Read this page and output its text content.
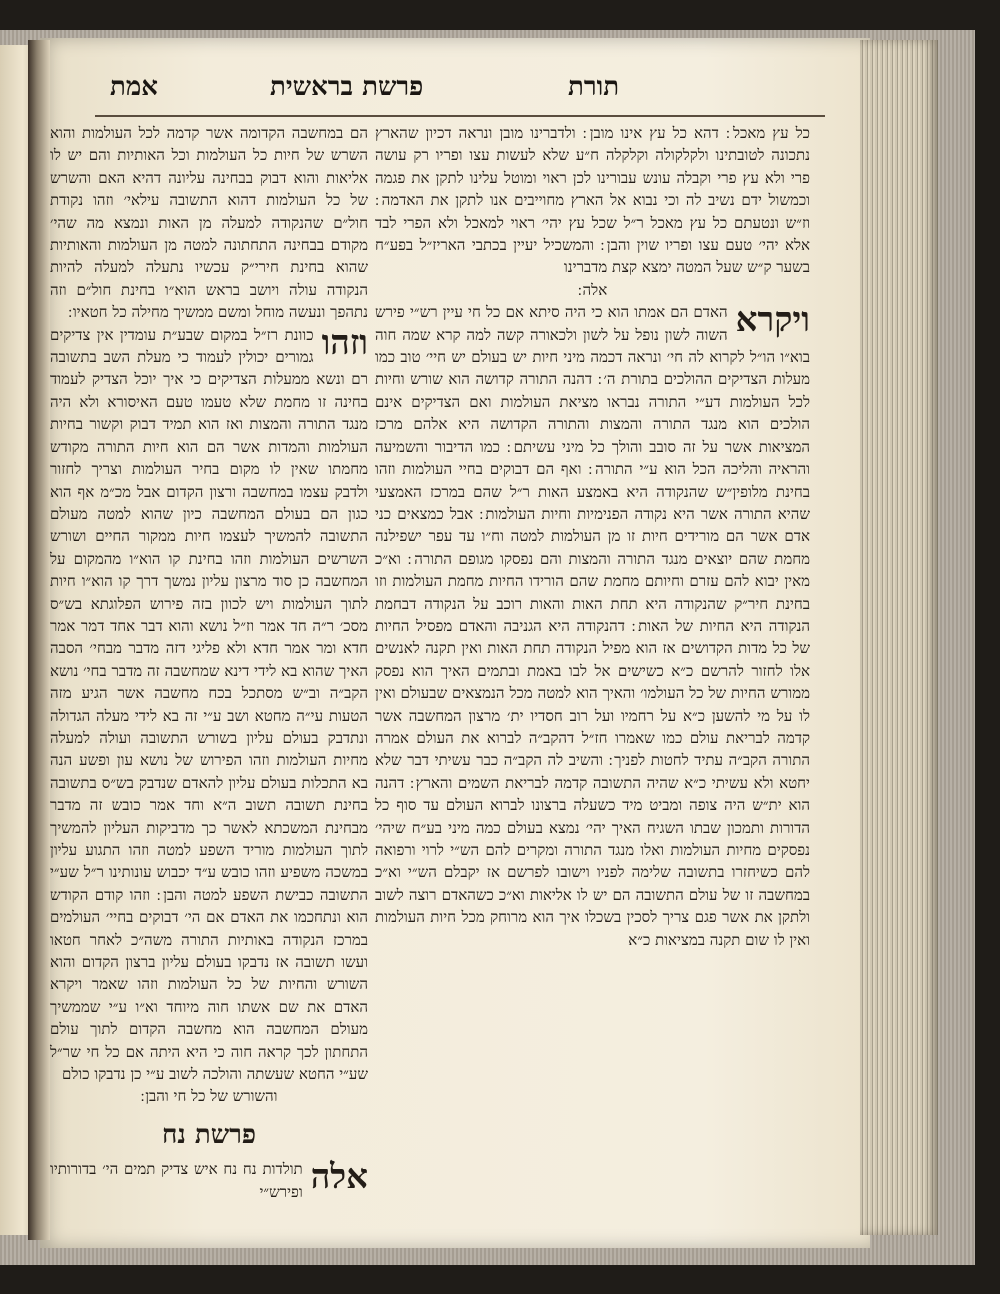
תורת
פרשת בראשית
אמת

כל עץ מאכל ׃ דהא כל עץ אינו מובן ׃ ולדברינו מובן ונראה דכיון שהארץ נתכונה לטובתינו ולקלקולה וקלקלה ח״ע שלא לעשות עצו ופריו רק עושה פרי ולא עץ פרי וקבלה עונש עבורינו לכן ראוי ומוטל עלינו לתקן את פגמה וכמשול ידם נשיב לה וכי נבוא אל הארץ מחוייבים אנו לתקן את האדמה ׃ וז״ש ונטעתם כל עץ מאכל ר״ל שכל עץ יהי׳ ראוי למאכל ולא הפרי לבד אלא יהי׳ טעם עצו ופריו שוין והבן ׃ והמשכיל יעיין בכתבי האריז״ל בפע״ח בשער ק״ש שעל המטה ימצא קצת מדברינו

אלה ׃

ויקרא
האדם הם אמתו הוא כי היה סיתא אם כל חי עיין רש״י פירש השוה לשון נופל על לשון ולכאורה קשה למה קרא שמה חוה בוא״ו הו״ל לקרוא לה חי׳ ונראה דכמה מיני חיות יש בעולם יש חיי׳ טוב כמו מעלות הצדיקים ההולכים בתורת ה׳ ׃ דהנה התורה קדושה הוא שורש וחיות לכל העולמות דע״י התורה נבראו מציאת העולמות ואם הצדיקים אינם הולכים הוא מנגד התורה והמצות והתורה הקדושה היא אלהם מרכז המציאות אשר על זה סובב והולך כל מיני עשיתם ׃ כמו הדיבור והשמיעה והראיה והליכה הכל הוא ע״י התורה ׃ ואף הם דבוקים בחיי העולמות וזהו בחינת מלופין״ש שהנקודה היא באמצע האות ר״ל שהם במרכז האמצעי שהיא התורה אשר היא נקודה הפנימיות וחיות העולמות ׃ אבל כמצאים כני אדם אשר הם מורידים חיות זו מן העולמות למטה וח״ו עד עפר ישפילנה מחמת שהם יוצאים מנגד התורה והמצות והם נפסקו מגופם התורה ׃ וא״כ מאין יבוא להם עזרם וחיותם מחמת שהם הורידו החיות מחמת העולמות וזו בחינת חיר״ק שהנקודה היא תחת האות והאות רוכב על הנקודה דבחמת הנקודה היא החיות של האות ׃ דהנקודה היא הגניבה והאדם מפסיל החיות של כל מדות הקדושים אז הוא מפיל הנקודה תחת האות ואין תקנה לאנשים אלו לחזור להרשם כ״א כשישים אל לבו באמת ובתמים האיך הוא נפסק ממורש החיות של כל העולמו׳ והאיך הוא למטה מכל הנמצאים שבעולם ואין לו על מי להשען כ״א על רחמיו ועל רוב חסדיו ית׳ מרצון המחשבה אשר קדמה לבריאת עולם כמו שאמרו חז״ל דהקב״ה לברוא את העולם אמרה התורה הקב״ה עתיד לחטות לפניך ׃ והשיב לה הקב״ה כבר עשיתי דבר שלא יחטא ולא עשיתי כ״א שהיה התשובה קדמה לבריאת השמים והארץ ׃ דהנה הוא ית״ש היה צופה ומביט מיד כשעלה ברצונו לברוא העולם עד סוף כל הדורות ותמכון שבתו השגיח האיך יהי׳ נמצא בעולם כמה מיני בע״ח שיהי׳ נפסקים מחיות העולמות ואלו מנגד התורה ומקרים להם הש״י לרוי ורפואה להם כשיחזרו בתשובה שלימה לפניו וישובו לפרשם אז יקבלם הש״י וא״כ במחשבה זו של עולם התשובה הם יש לו אליאות וא״כ כשהאדם רוצה לשוב ולתקן את אשר פגם צריך לסכין בשכלו איך הוא מרוחק מכל חיות העולמות ואין לו שום תקנה במציאות כ״א

הם במחשבה הקדומה אשר קדמה לכל העולמות והוא השרש של חיות כל העולמות וכל האותיות והם יש לו אליאות והוא דבוק בבחינה עליונה דהיא האם והשרש של כל העולמות דהוא התשובה עילאי׳ וזהו נקודת חול״ם שהנקודה למעלה מן האות ונמצא מה שהי׳ מקודם בבחינה התחתונה למטה מן העולמות והאותיות שהוא בחינת חירי״ק עכשיו נתעלה למעלה להיות הנקודה עולה ויושב בראש הוא״ו בחינת חול״ם וזה נתהפך ונעשה מוחל ומשם ממשיך מחילה כל חטאיו ׃

וזהו
כוונת רז״ל במקום שבע״ת עומדין אין צדיקים גמורים יכולין לעמוד כי מעלת השב בתשובה רם ונשא ממעלות הצדיקים כי איך יוכל הצדיק לעמוד בחינה זו מחמת שלא טעמו טעם האיסורא ולא היה מנגד התורה והמצות ואז הוא תמיד דבוק וקשור בחיות העולמות והמדות אשר הם הוא חיות התורה מקודש מחמתו שאין לו מקום בחיר העולמות וצריך לחזור ולדבק עצמו במחשבה ורצון הקדום אבל מכ״מ אף הוא כגון הם בעולם המחשבה כיון שהוא למטה מעולם התשובה להמשיך לעצמו חיות ממקור החיים ושורש השרשים העולמות וזהו בחינת קו הוא״ו מהמקום על המחשבה כן סוד מרצון עליון נמשך דרך קו הוא״ו חיות לתוך העולמות ויש לכוון בזה פירוש הפלוגתא בש״ס מסכ׳ ר״ה חד אמר וז״ל נושא והוא דבר אחד דמר אמר חדא ומר אמר חדא ולא פליגי דזה מדבר מבחי׳ הסבה האיך שהוא בא לידי דינא שמחשבה זה מדבר בחי׳ נושא הקב״ה וב״ש מסתכל בכח מחשבה אשר הגיע מזה הטעות עי״ה מחטא ושב ע״י זה בא לידי מעלה הגדולה ונתדבק בעולם עליון בשורש התשובה ועולה למעלה מחיות העולמות וזהו הפירוש של נושא עון ופשע הנה בא התכלות בעולם עליון להאדם שנדבק בש״ס בתשובה בחינת תשובה תשוב ה״א וחד אמר כובש זה מדבר מבחינת המשכתא לאשר כך מדביקות העליון להמשיך לתוך העולמות מוריד השפע למטה וזהו התגוע עליון במשכה משפיע וזהו כובש ע״ד יכבוש עונותינו ר״ל שע״י התשובה כבישת השפע למטה והבן ׃ וזהו קודם הקודש הוא ונתחכמו את האדם אם הי׳ דבוקים בחיי׳ העולמים במרכז הנקודה באותיות התורה משה״כ לאחר חטאו ועשו תשובה אז נדבקו בעולם עליון ברצון הקדום והוא השורש והחיות של כל העולמות וזהו שאמר ויקרא האדם את שם אשתו חוה מיוחד וא״ו ע״י שממשיך מעולם המחשבה הוא מחשבה הקדום לתוך עולם התחתון לכך קראה חוה כי היא היתה אם כל חי שר״ל שע״י החטא שעשתה והולכה לשוב ע״י כן נדבקו כולם

והשורש של כל חי והבן ׃

פרשת נח

אלה
תולדות נח נח איש צדיק תמים הי׳ בדורותיו ופירש״י
